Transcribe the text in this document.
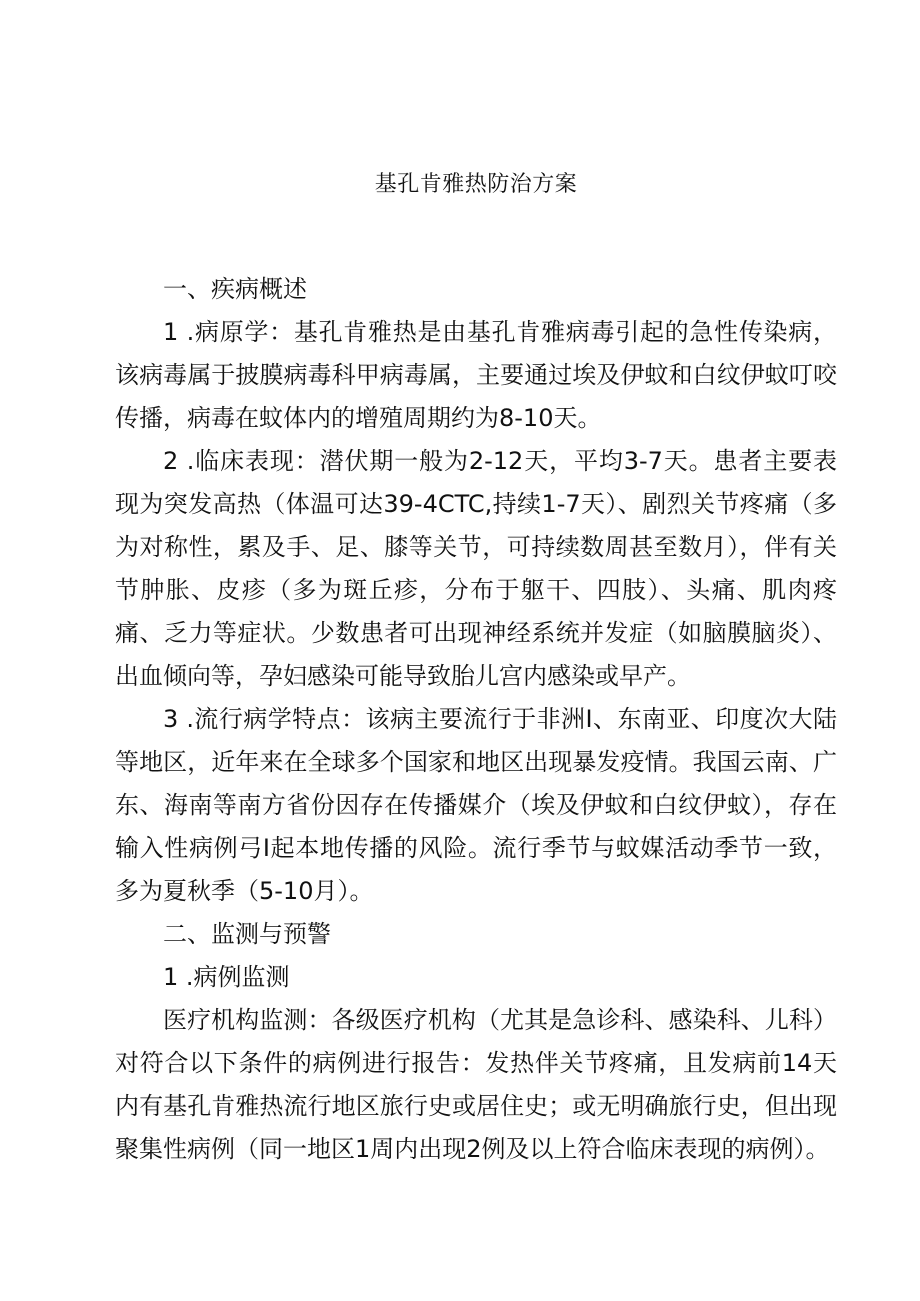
基孔肯雅热防治方案

一、疾病概述

1 .病原学：基孔肯雅热是由基孔肯雅病毒引起的急性传染病，该病毒属于披膜病毒科甲病毒属，主要通过埃及伊蚊和白纹伊蚊叮咬传播，病毒在蚊体内的增殖周期约为8-10天。

2 .临床表现：潜伏期一般为2-12天，平均3-7天。患者主要表现为突发高热（体温可达39-4CTC,持续1-7天）、剧烈关节疼痛（多为对称性，累及手、足、膝等关节，可持续数周甚至数月），伴有关节肿胀、皮疹（多为斑丘疹，分布于躯干、四肢）、头痛、肌肉疼痛、乏力等症状。少数患者可出现神经系统并发症（如脑膜脑炎）、出血倾向等，孕妇感染可能导致胎儿宫内感染或早产。

3 .流行病学特点：该病主要流行于非洲I、东南亚、印度次大陆等地区，近年来在全球多个国家和地区出现暴发疫情。我国云南、广东、海南等南方省份因存在传播媒介（埃及伊蚊和白纹伊蚊），存在输入性病例弓I起本地传播的风险。流行季节与蚊媒活动季节一致，多为夏秋季（5-10月）。

二、监测与预警

1 .病例监测

医疗机构监测：各级医疗机构（尤其是急诊科、感染科、儿科）对符合以下条件的病例进行报告：发热伴关节疼痛，且发病前14天内有基孔肯雅热流行地区旅行史或居住史；或无明确旅行史，但出现聚集性病例（同一地区1周内出现2例及以上符合临床表现的病例）。
